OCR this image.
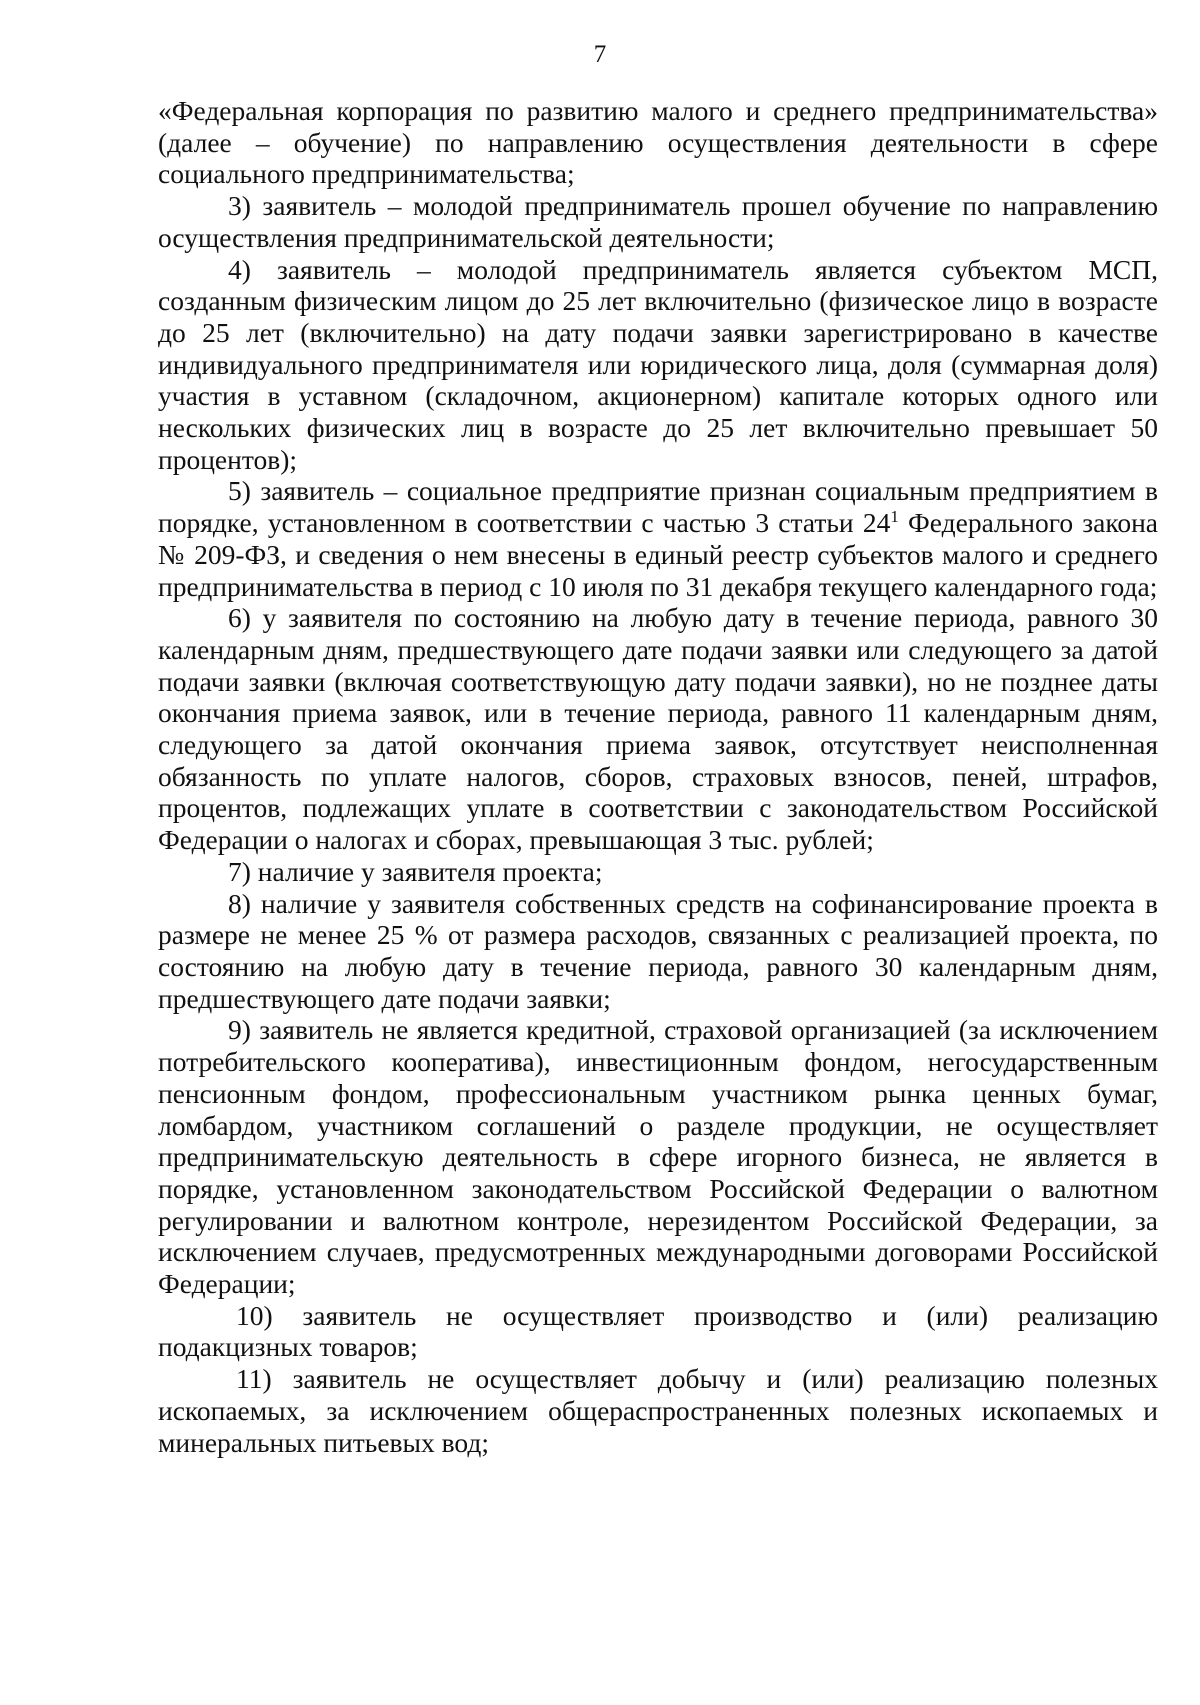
7

«Федеральная корпорация по развитию малого и среднего предпринимательства» (далее – обучение) по направлению осуществления деятельности в сфере социального предпринимательства;

3) заявитель – молодой предприниматель прошел обучение по направлению осуществления предпринимательской деятельности;

4) заявитель – молодой предприниматель является субъектом МСП, созданным физическим лицом до 25 лет включительно (физическое лицо в возрасте до 25 лет (включительно) на дату подачи заявки зарегистрировано в качестве индивидуального предпринимателя или юридического лица, доля (суммарная доля) участия в уставном (складочном, акционерном) капитале которых одного или нескольких физических лиц в возрасте до 25 лет включительно превышает 50 процентов);

5) заявитель – социальное предприятие признан социальным предприятием в порядке, установленном в соответствии с частью 3 статьи $24^1$ Федерального закона № 209-ФЗ, и сведения о нем внесены в единый реестр субъектов малого и среднего предпринимательства в период с 10 июля по 31 декабря текущего календарного года;

6) у заявителя по состоянию на любую дату в течение периода, равного 30 календарным дням, предшествующего дате подачи заявки или следующего за датой подачи заявки (включая соответствующую дату подачи заявки), но не позднее даты окончания приема заявок, или в течение периода, равного 11 календарным дням, следующего за датой окончания приема заявок, отсутствует неисполненная обязанность по уплате налогов, сборов, страховых взносов, пеней, штрафов, процентов, подлежащих уплате в соответствии с законодательством Российской Федерации о налогах и сборах, превышающая 3 тыс. рублей;

7) наличие у заявителя проекта;

8) наличие у заявителя собственных средств на софинансирование проекта в размере не менее 25 % от размера расходов, связанных с реализацией проекта, по состоянию на любую дату в течение периода, равного 30 календарным дням, предшествующего дате подачи заявки;

9) заявитель не является кредитной, страховой организацией (за исключением потребительского кооператива), инвестиционным фондом, негосударственным пенсионным фондом, профессиональным участником рынка ценных бумаг, ломбардом, участником соглашений о разделе продукции, не осуществляет предпринимательскую деятельность в сфере игорного бизнеса, не является в порядке, установленном законодательством Российской Федерации о валютном регулировании и валютном контроле, нерезидентом Российской Федерации, за исключением случаев, предусмотренных международными договорами Российской Федерации;

10) заявитель не осуществляет производство и (или) реализацию подакцизных товаров;

11) заявитель не осуществляет добычу и (или) реализацию полезных ископаемых, за исключением общераспространенных полезных ископаемых и минеральных питьевых вод;
